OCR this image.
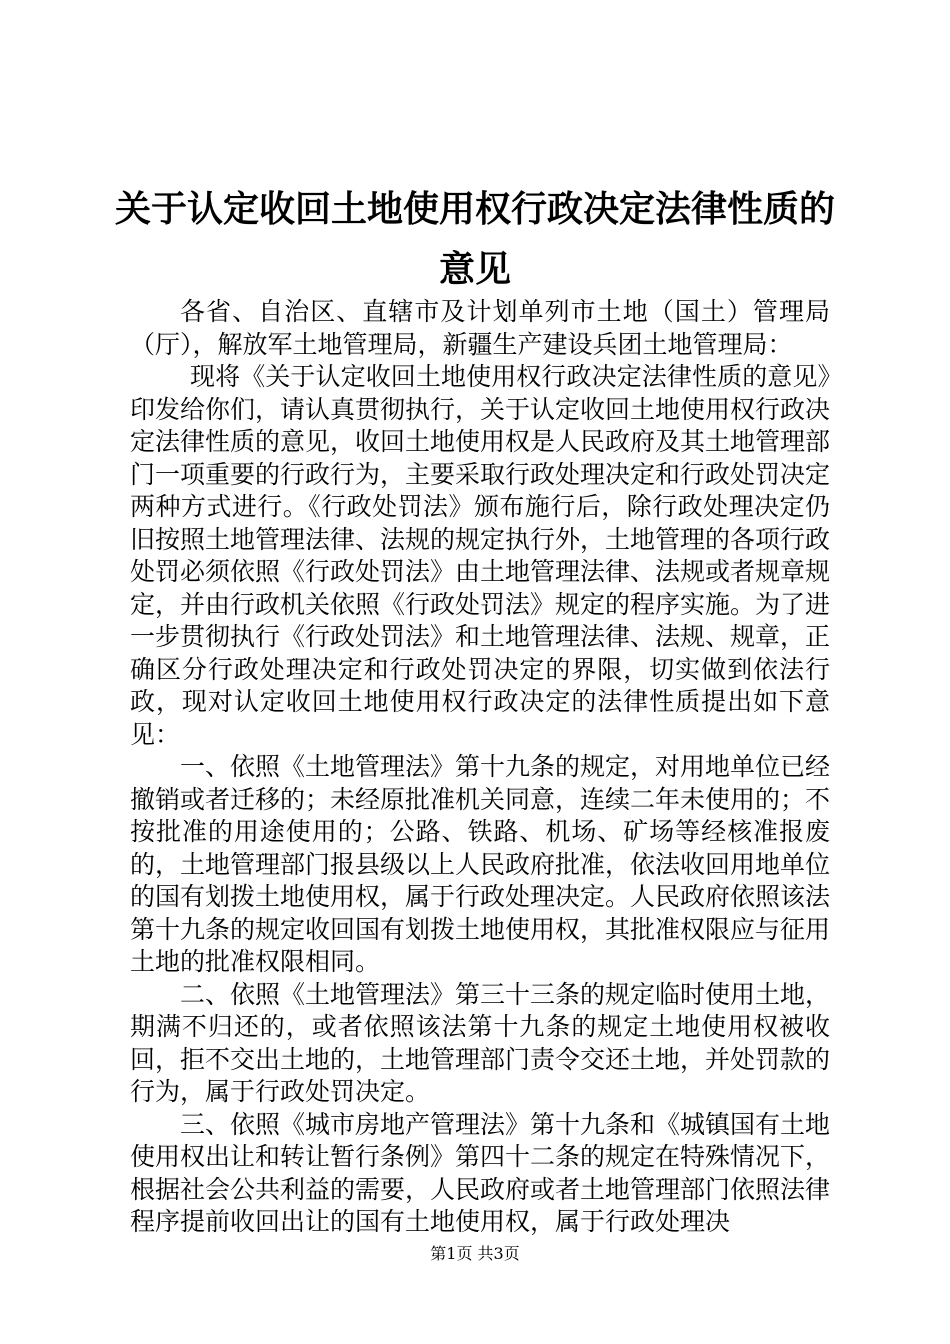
关于认定收回土地使用权行政决定法律性质的
意见

各省、自治区、直辖市及计划单列市土地（国土）管理局（厅），解放军土地管理局，新疆生产建设兵团土地管理局：

现将《关于认定收回土地使用权行政决定法律性质的意见》印发给你们，请认真贯彻执行，关于认定收回土地使用权行政决定法律性质的意见，收回土地使用权是人民政府及其土地管理部门一项重要的行政行为，主要采取行政处理决定和行政处罚决定两种方式进行。《行政处罚法》颁布施行后，除行政处理决定仍旧按照土地管理法律、法规的规定执行外，土地管理的各项行政处罚必须依照《行政处罚法》由土地管理法律、法规或者规章规定，并由行政机关依照《行政处罚法》规定的程序实施。为了进一步贯彻执行《行政处罚法》和土地管理法律、法规、规章，正确区分行政处理决定和行政处罚决定的界限，切实做到依法行政，现对认定收回土地使用权行政决定的法律性质提出如下意见：

一、依照《土地管理法》第十九条的规定，对用地单位已经撤销或者迁移的；未经原批准机关同意，连续二年未使用的；不按批准的用途使用的；公路、铁路、机场、矿场等经核准报废的，土地管理部门报县级以上人民政府批准，依法收回用地单位的国有划拨土地使用权，属于行政处理决定。人民政府依照该法第十九条的规定收回国有划拨土地使用权，其批准权限应与征用土地的批准权限相同。

二、依照《土地管理法》第三十三条的规定临时使用土地，期满不归还的，或者依照该法第十九条的规定土地使用权被收回，拒不交出土地的，土地管理部门责令交还土地，并处罚款的行为，属于行政处罚决定。

三、依照《城市房地产管理法》第十九条和《城镇国有土地使用权出让和转让暂行条例》第四十二条的规定在特殊情况下，根据社会公共利益的需要，人民政府或者土地管理部门依照法律程序提前收回出让的国有土地使用权，属于行政处理决

第1页 共3页
